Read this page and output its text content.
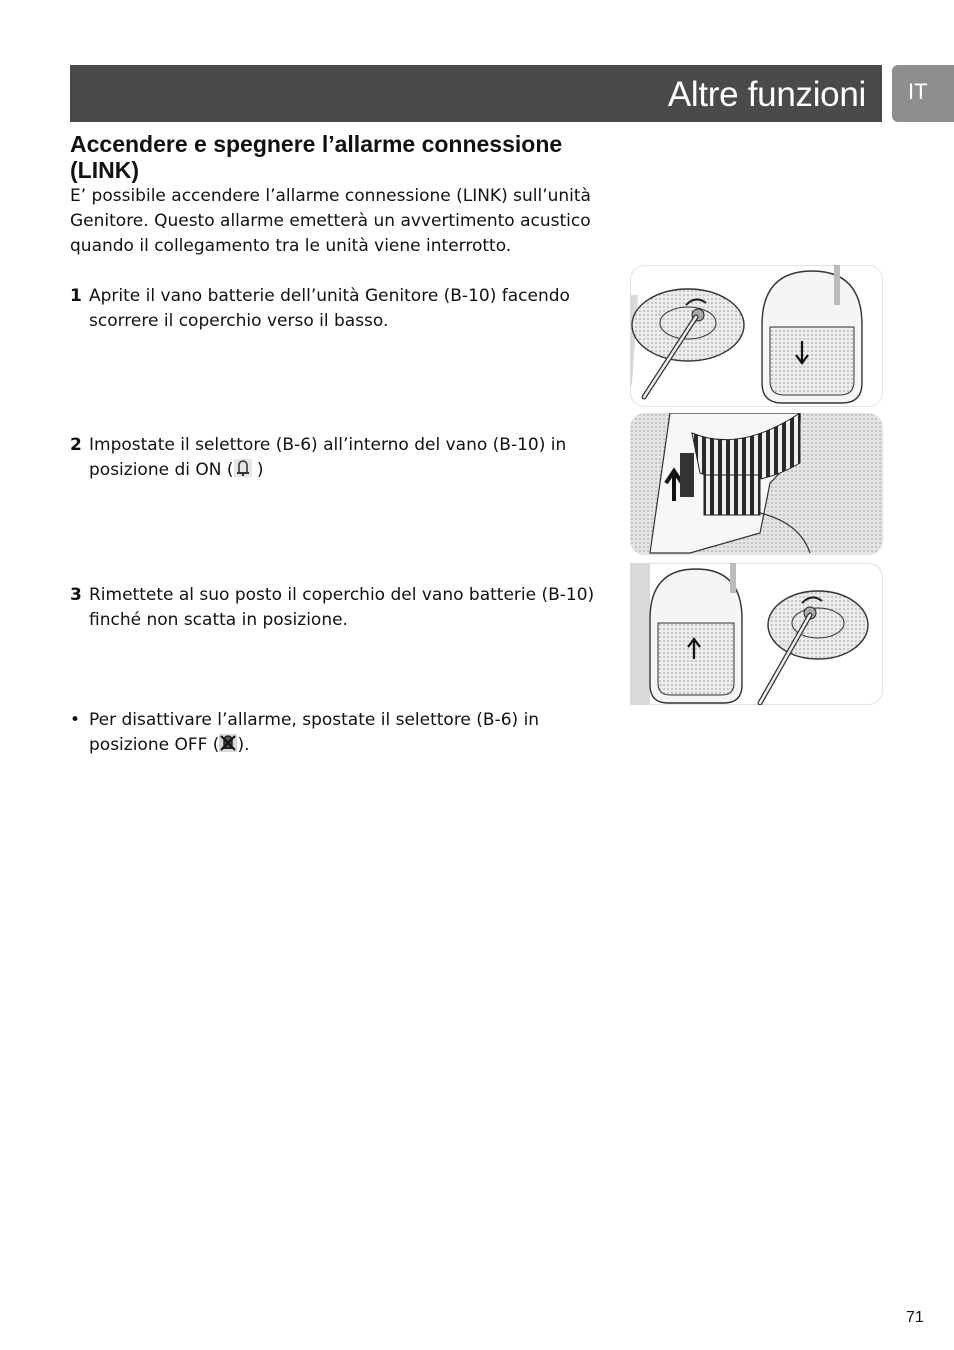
Altre funzioni IT
Accendere e spegnere l’allarme connessione (LINK)

E’ possibile accendere l’allarme connessione (LINK) sull’unità Genitore. Questo allarme emetterà un avvertimento acustico quando il collegamento tra le unità viene interrotto.

1 Aprite il vano batterie dell’unità Genitore (B-10) facendo scorrere il coperchio verso il basso.
2 Impostate il selettore (B-6) all’interno del vano (B-10) in posizione di ON ( )
3 Rimettete al suo posto il coperchio del vano batterie (B-10) finché non scatta in posizione.
• Per disattivare l’allarme, spostate il selettore (B-6) in posizione OFF ( ).
71
